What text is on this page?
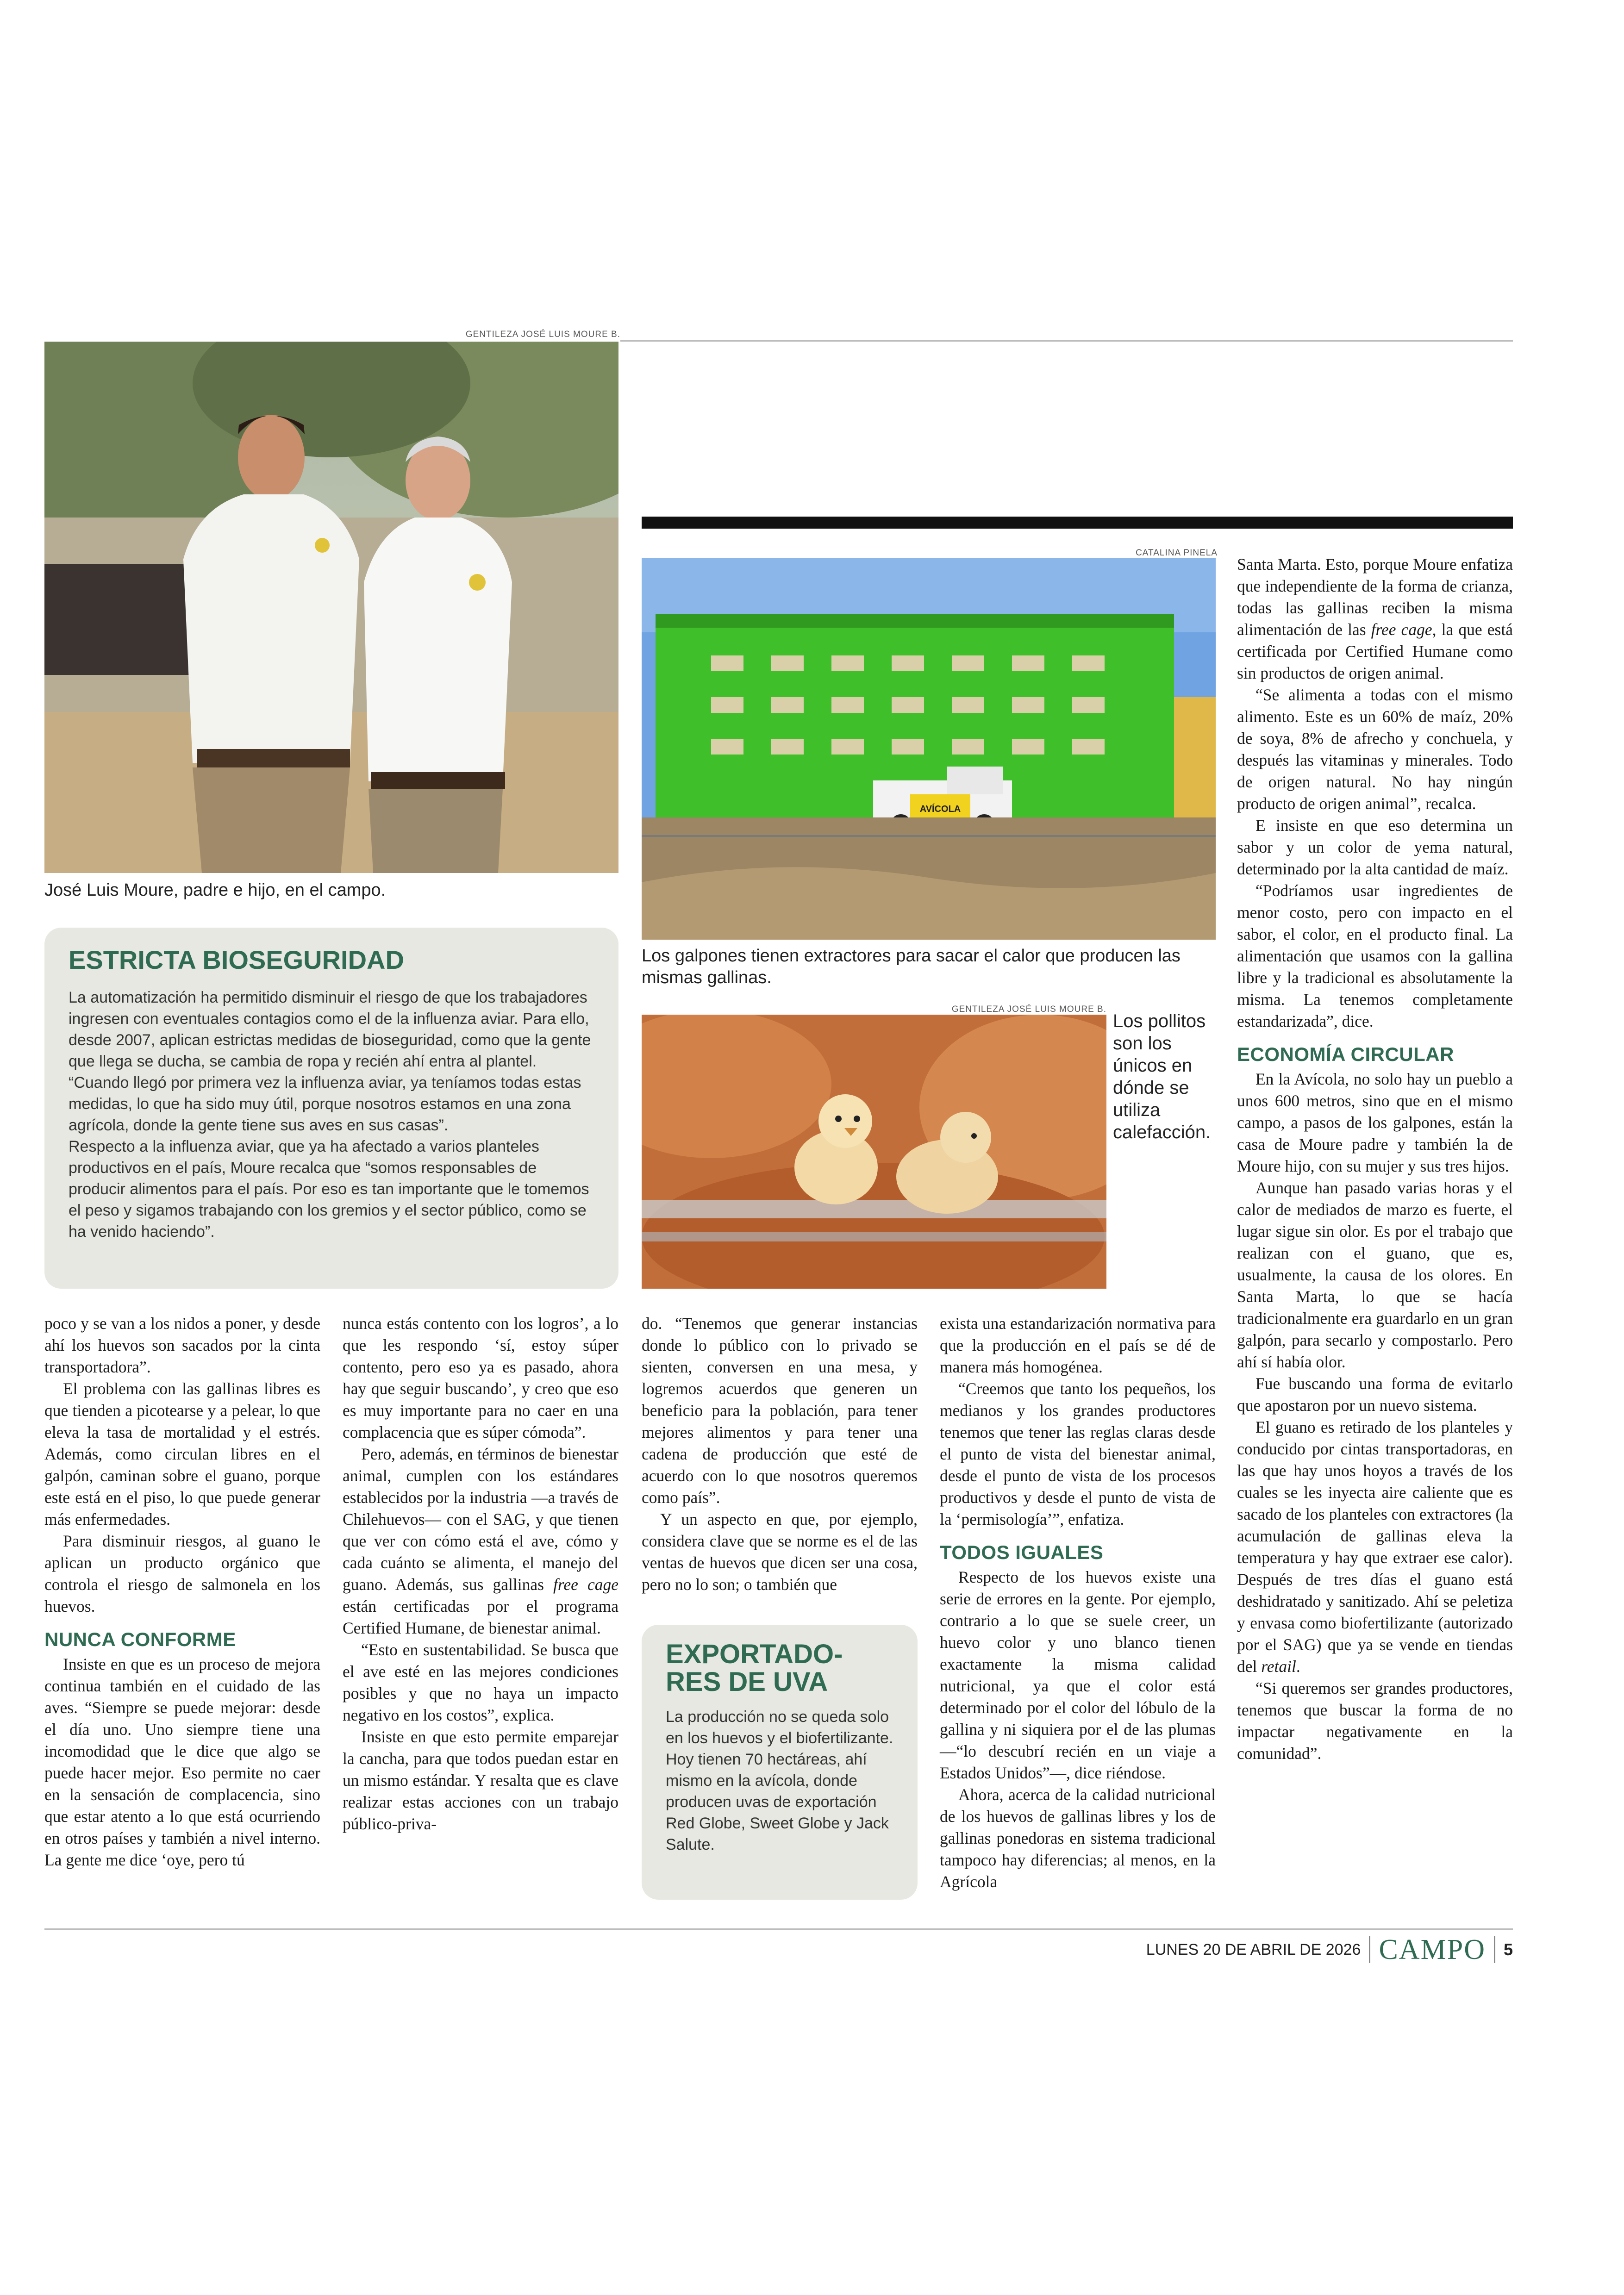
GENTILEZA JOSÉ LUIS MOURE B.
José Luis Moure, padre e hijo, en el campo.
CATALINA PINELA
AVÍCOLA
Los galpones tienen extractores para sacar el calor que producen las mismas gallinas.
GENTILEZA JOSÉ LUIS MOURE B.
Los pollitos son los únicos en dónde se utiliza calefacción.
ESTRICTA BIOSEGURIDAD

La automatización ha permitido disminuir el riesgo de que los trabajadores ingresen con eventuales contagios como el de la influenza aviar. Para ello, desde 2007, aplican estrictas medidas de bioseguridad, como que la gente que llega se ducha, se cambia de ropa y recién ahí entra al plantel. “Cuando llegó por primera vez la influenza aviar, ya teníamos todas estas medidas, lo que ha sido muy útil, porque nosotros estamos en una zona agrícola, donde la gente tiene sus aves en sus casas”.

Respecto a la influenza aviar, que ya ha afectado a varios planteles productivos en el país, Moure recalca que “somos responsables de producir alimentos para el país. Por eso es tan importante que le tomemos el peso y sigamos trabajando con los gremios y el sector público, como se ha venido haciendo”.

poco y se van a los nidos a poner, y desde ahí los huevos son sacados por la cinta transportadora”.

El problema con las gallinas libres es que tienden a picotearse y a pelear, lo que eleva la tasa de mortalidad y el estrés. Además, como circulan libres en el galpón, caminan sobre el guano, porque este está en el piso, lo que puede generar más enfermedades.

Para disminuir riesgos, al guano le aplican un producto orgánico que controla el riesgo de salmonela en los huevos.

NUNCA CONFORME

Insiste en que es un proceso de mejora continua también en el cuidado de las aves. “Siempre se puede mejorar: desde el día uno. Uno siempre tiene una incomodidad que le dice que algo se puede hacer mejor. Eso permite no caer en la sensación de complacencia, sino que estar atento a lo que está ocurriendo en otros países y también a nivel interno. La gente me dice ‘oye, pero tú

nunca estás contento con los logros’, a lo que les respondo ‘sí, estoy súper contento, pero eso ya es pasado, ahora hay que seguir buscando’, y creo que eso es muy importante para no caer en una complacencia que es súper cómoda”.

Pero, además, en términos de bienestar animal, cumplen con los estándares establecidos por la industria —a través de Chilehuevos— con el SAG, y que tienen que ver con cómo está el ave, cómo y cada cuánto se alimenta, el manejo del guano. Además, sus gallinas free cage están certificadas por el programa Certified Humane, de bienestar animal.

“Esto en sustentabilidad. Se busca que el ave esté en las mejores condiciones posibles y que no haya un impacto negativo en los costos”, explica.

Insiste en que esto permite emparejar la cancha, para que todos puedan estar en un mismo estándar. Y resalta que es clave realizar estas acciones con un trabajo público-priva-

do. “Tenemos que generar instancias donde lo público con lo privado se sienten, conversen en una mesa, y logremos acuerdos que generen un beneficio para la población, para tener mejores alimentos y para tener una cadena de producción que esté de acuerdo con lo que nosotros queremos como país”.

Y un aspecto en que, por ejemplo, considera clave que se norme es el de las ventas de huevos que dicen ser una cosa, pero no lo son; o también que

EXPORTADO-
RES DE UVA

La producción no se queda solo en los huevos y el biofertilizante. Hoy tienen 70 hectáreas, ahí mismo en la avícola, donde producen uvas de exportación Red Globe, Sweet Globe y Jack Salute.

exista una estandarización normativa para que la producción en el país se dé de manera más homogénea.

“Creemos que tanto los pequeños, los medianos y los grandes productores tenemos que tener las reglas claras desde el punto de vista del bienestar animal, desde el punto de vista de los procesos productivos y desde el punto de vista de la ‘permisología’”, enfatiza.

TODOS IGUALES

Respecto de los huevos existe una serie de errores en la gente. Por ejemplo, contrario a lo que se suele creer, un huevo color y uno blanco tienen exactamente la misma calidad nutricional, ya que el color está determinado por el color del lóbulo de la gallina y ni siquiera por el de las plumas —“lo descubrí recién en un viaje a Estados Unidos”—, dice riéndose.

Ahora, acerca de la calidad nutricional de los huevos de gallinas libres y los de gallinas ponedoras en sistema tradicional tampoco hay diferencias; al menos, en la Agrícola

Santa Marta. Esto, porque Moure enfatiza que independiente de la forma de crianza, todas las gallinas reciben la misma alimentación de las free cage, la que está certificada por Certified Humane como sin productos de origen animal.

“Se alimenta a todas con el mismo alimento. Este es un 60% de maíz, 20% de soya, 8% de afrecho y conchuela, y después las vitaminas y minerales. Todo de origen natural. No hay ningún producto de origen animal”, recalca.

E insiste en que eso determina un sabor y un color de yema natural, determinado por la alta cantidad de maíz.

“Podríamos usar ingredientes de menor costo, pero con impacto en el sabor, el color, en el producto final. La alimentación que usamos con la gallina libre y la tradicional es absolutamente la misma. La tenemos completamente estandarizada”, dice.

ECONOMÍA CIRCULAR

En la Avícola, no solo hay un pueblo a unos 600 metros, sino que en el mismo campo, a pasos de los galpones, están la casa de Moure padre y también la de Moure hijo, con su mujer y sus tres hijos.

Aunque han pasado varias horas y el calor de mediados de marzo es fuerte, el lugar sigue sin olor. Es por el trabajo que realizan con el guano, que es, usualmente, la causa de los olores. En Santa Marta, lo que se hacía tradicionalmente era guardarlo en un gran galpón, para secarlo y compostarlo. Pero ahí sí había olor.

Fue buscando una forma de evitarlo que apostaron por un nuevo sistema.

El guano es retirado de los planteles y conducido por cintas transportadoras, en las que hay unos hoyos a través de los cuales se les inyecta aire caliente que es sacado de los planteles con extractores (la acumulación de gallinas eleva la temperatura y hay que extraer ese calor). Después de tres días el guano está deshidratado y sanitizado. Ahí se peletiza y envasa como biofertilizante (autorizado por el SAG) que ya se vende en tiendas del retail.

“Si queremos ser grandes productores, tenemos que buscar la forma de no impactar negativamente en la comunidad”.

LUNES 20 DE ABRIL DE 2026 CAMPO 5
